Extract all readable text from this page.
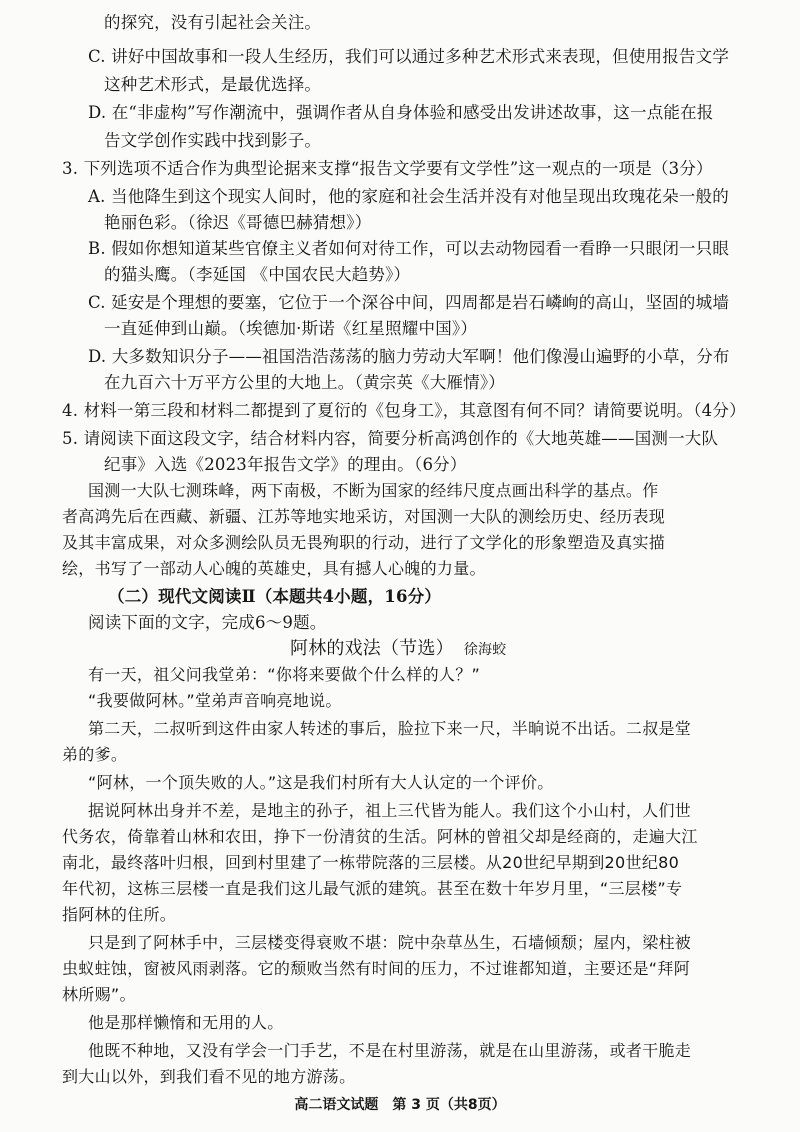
的探究，没有引起社会关注。
C. 讲好中国故事和一段人生经历，我们可以通过多种艺术形式来表现，但使用报告文学
这种艺术形式，是最优选择。
D. 在“非虚构”写作潮流中，强调作者从自身体验和感受出发讲述故事，这一点能在报
告文学创作实践中找到影子。
3. 下列选项不适合作为典型论据来支撑“报告文学要有文学性”这一观点的一项是（3分）
A. 当他降生到这个现实人间时，他的家庭和社会生活并没有对他呈现出玫瑰花朵一般的
艳丽色彩。（徐迟《哥德巴赫猜想》）
B. 假如你想知道某些官僚主义者如何对待工作，可以去动物园看一看睁一只眼闭一只眼
的猫头鹰。（李延国 《中国农民大趋势》）
C. 延安是个理想的要塞，它位于一个深谷中间，四周都是岩石嶙峋的高山，坚固的城墙
一直延伸到山巅。（埃德加·斯诺《红星照耀中国》）
D. 大多数知识分子——祖国浩浩荡荡的脑力劳动大军啊！他们像漫山遍野的小草，分布
在九百六十万平方公里的大地上。（黄宗英《大雁情》）
4. 材料一第三段和材料二都提到了夏衍的《包身工》，其意图有何不同？请简要说明。（4分）
5. 请阅读下面这段文字，结合材料内容，简要分析高鸿创作的《大地英雄——国测一大队
纪事》入选《2023年报告文学》的理由。（6分）
国测一大队七测珠峰，两下南极，不断为国家的经纬尺度点画出科学的基点。作
者高鸿先后在西藏、新疆、江苏等地实地采访，对国测一大队的测绘历史、经历表现
及其丰富成果，对众多测绘队员无畏殉职的行动，进行了文学化的形象塑造及真实描
绘，书写了一部动人心魄的英雄史，具有撼人心魄的力量。
（二）现代文阅读Ⅱ（本题共4小题，16分）
阅读下面的文字，完成6～9题。
阿林的戏法（节选） 徐海蛟
有一天，祖父问我堂弟：“你将来要做个什么样的人？”
“我要做阿林。”堂弟声音响亮地说。
第二天，二叔听到这件由家人转述的事后，脸拉下来一尺，半晌说不出话。二叔是堂
弟的爹。
“阿林，一个顶失败的人。”这是我们村所有大人认定的一个评价。
据说阿林出身并不差，是地主的孙子，祖上三代皆为能人。我们这个小山村，人们世
代务农，倚靠着山林和农田，挣下一份清贫的生活。阿林的曾祖父却是经商的，走遍大江
南北，最终落叶归根，回到村里建了一栋带院落的三层楼。从20世纪早期到20世纪80
年代初，这栋三层楼一直是我们这儿最气派的建筑。甚至在数十年岁月里，“三层楼”专
指阿林的住所。
只是到了阿林手中，三层楼变得衰败不堪：院中杂草丛生，石墙倾颓；屋内，梁柱被
虫蚁蛀蚀，窗被风雨剥落。它的颓败当然有时间的压力，不过谁都知道，主要还是“拜阿
林所赐”。
他是那样懒惰和无用的人。
他既不种地，又没有学会一门手艺，不是在村里游荡，就是在山里游荡，或者干脆走
到大山以外，到我们看不见的地方游荡。
高二语文试题　第 3 页（共8页）
